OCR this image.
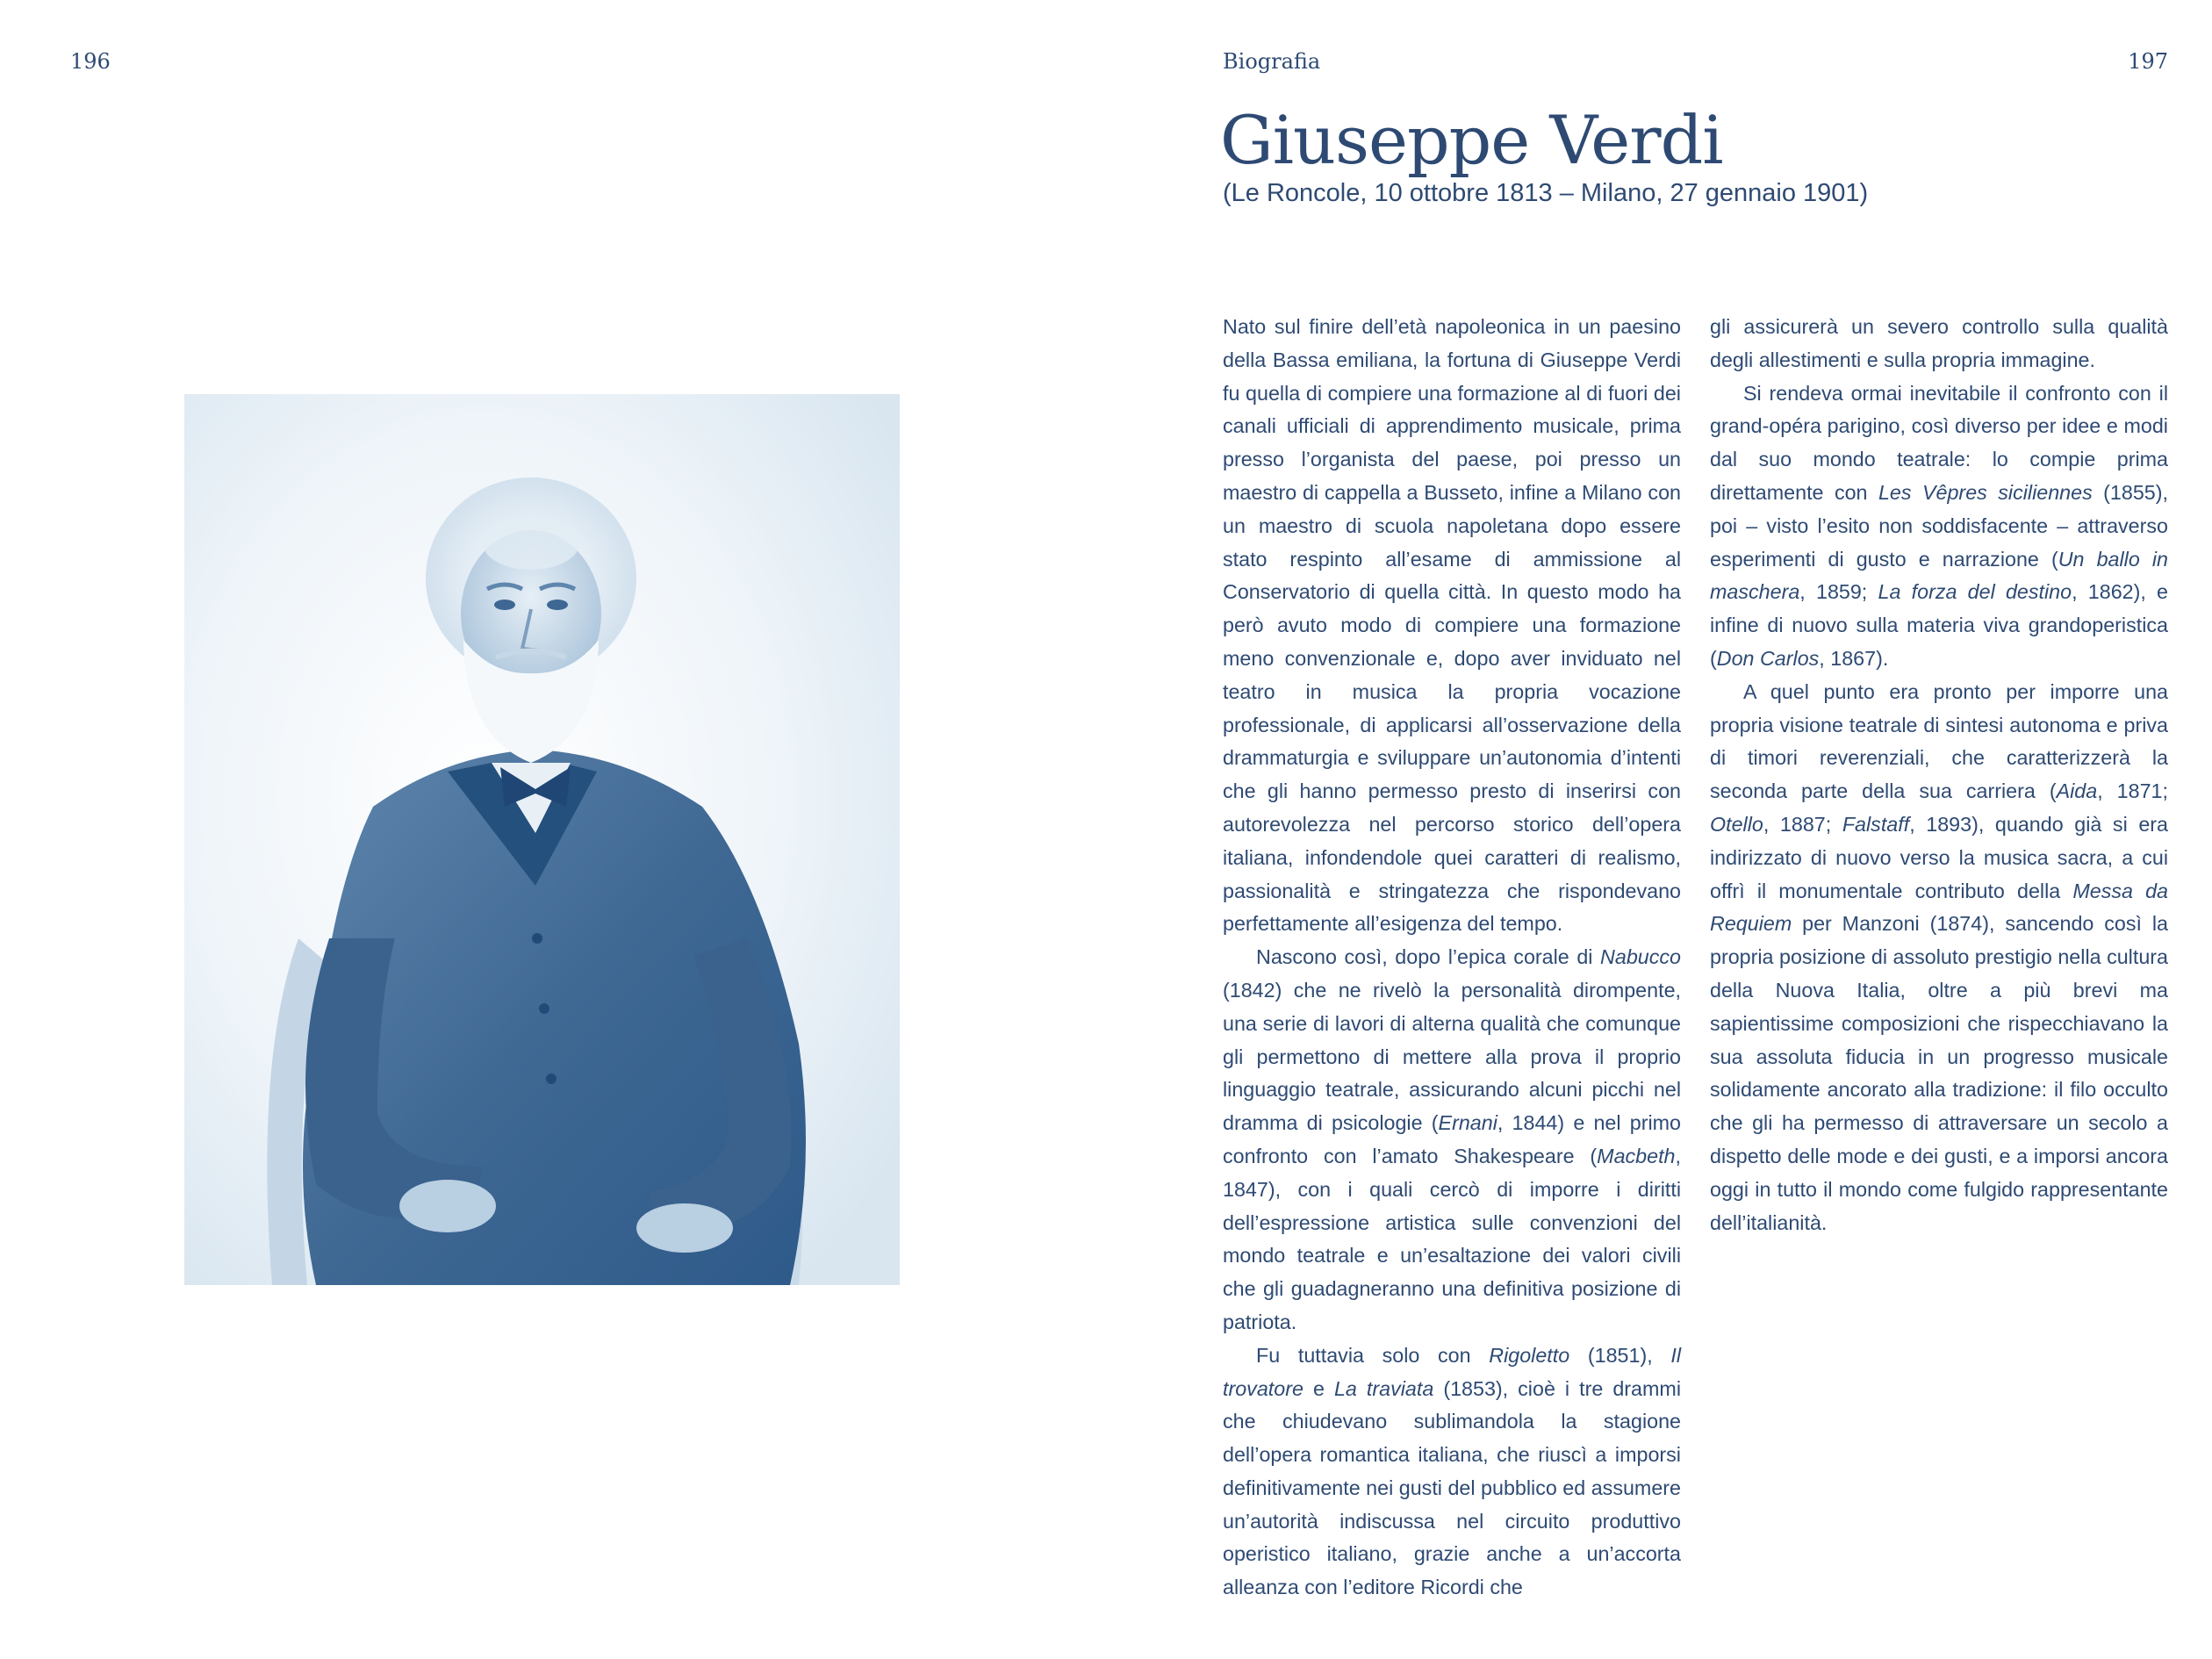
196	Biografia	197
Giuseppe Verdi

(Le Roncole, 10 ottobre 1813 – Milano, 27 gennaio 1901)

Nato sul finire dell’età napoleonica in un paesino della Bassa emiliana, la fortuna di Giuseppe Verdi fu quella di compiere una formazione al di fuori dei canali ufficiali di apprendimento musicale, prima presso l’organista del paese, poi presso un maestro di cappella a Busseto, infine a Milano con un maestro di scuola napoletana dopo essere stato respinto all’esame di ammissione al Conservatorio di quella città. In questo modo ha però avuto modo di compiere una formazione meno convenzionale e, dopo aver inviduato nel teatro in musica la propria vocazione professionale, di applicarsi all’osservazione della drammaturgia e sviluppare un’autonomia d’intenti che gli hanno permesso presto di inserirsi con autorevolezza nel percorso storico dell’opera italiana, infondendole quei caratteri di realismo, passionalità e stringatezza che rispondevano perfettamente all’esigenza del tempo.

Nascono così, dopo l’epica corale di Nabucco (1842) che ne rivelò la personalità dirompente, una serie di lavori di alterna qualità che comunque gli permettono di mettere alla prova il proprio linguaggio teatrale, assicurando alcuni picchi nel dramma di psicologie (Ernani, 1844) e nel primo confronto con l’amato Shakespeare (Macbeth, 1847), con i quali cercò di imporre i diritti dell’espressione artistica sulle convenzioni del mondo teatrale e un’esaltazione dei valori civili che gli guadagneranno una definitiva posizione di patriota.

Fu tuttavia solo con Rigoletto (1851), Il trovatore e La traviata (1853), cioè i tre drammi che chiudevano sublimandola la stagione dell’opera romantica italiana, che riuscì a imporsi definitivamente nei gusti del pubblico ed assumere un’autorità indiscussa nel circuito produttivo operistico italiano, grazie anche a un’accorta alleanza con l’editore Ricordi che

gli assicurerà un severo controllo sulla qualità degli allestimenti e sulla propria immagine.

Si rendeva ormai inevitabile il confronto con il grand-opéra parigino, così diverso per idee e modi dal suo mondo teatrale: lo compie prima direttamente con Les Vêpres siciliennes (1855), poi – visto l’esito non soddisfacente – attraverso esperimenti di gusto e narrazione (Un ballo in maschera, 1859; La forza del destino, 1862), e infine di nuovo sulla materia viva grandoperistica (Don Carlos, 1867).

A quel punto era pronto per imporre una propria visione teatrale di sintesi autonoma e priva di timori reverenziali, che caratterizzerà la seconda parte della sua carriera (Aida, 1871; Otello, 1887; Falstaff, 1893), quando già si era indirizzato di nuovo verso la musica sacra, a cui offrì il monumentale contributo della Messa da Requiem per Manzoni (1874), sancendo così la propria posizione di assoluto prestigio nella cultura della Nuova Italia, oltre a più brevi ma sapientissime composizioni che rispecchiavano la sua assoluta fiducia in un progresso musicale solidamente ancorato alla tradizione: il filo occulto che gli ha permesso di attraversare un secolo a dispetto delle mode e dei gusti, e a imporsi ancora oggi in tutto il mondo come fulgido rappresentante dell’italianità.
